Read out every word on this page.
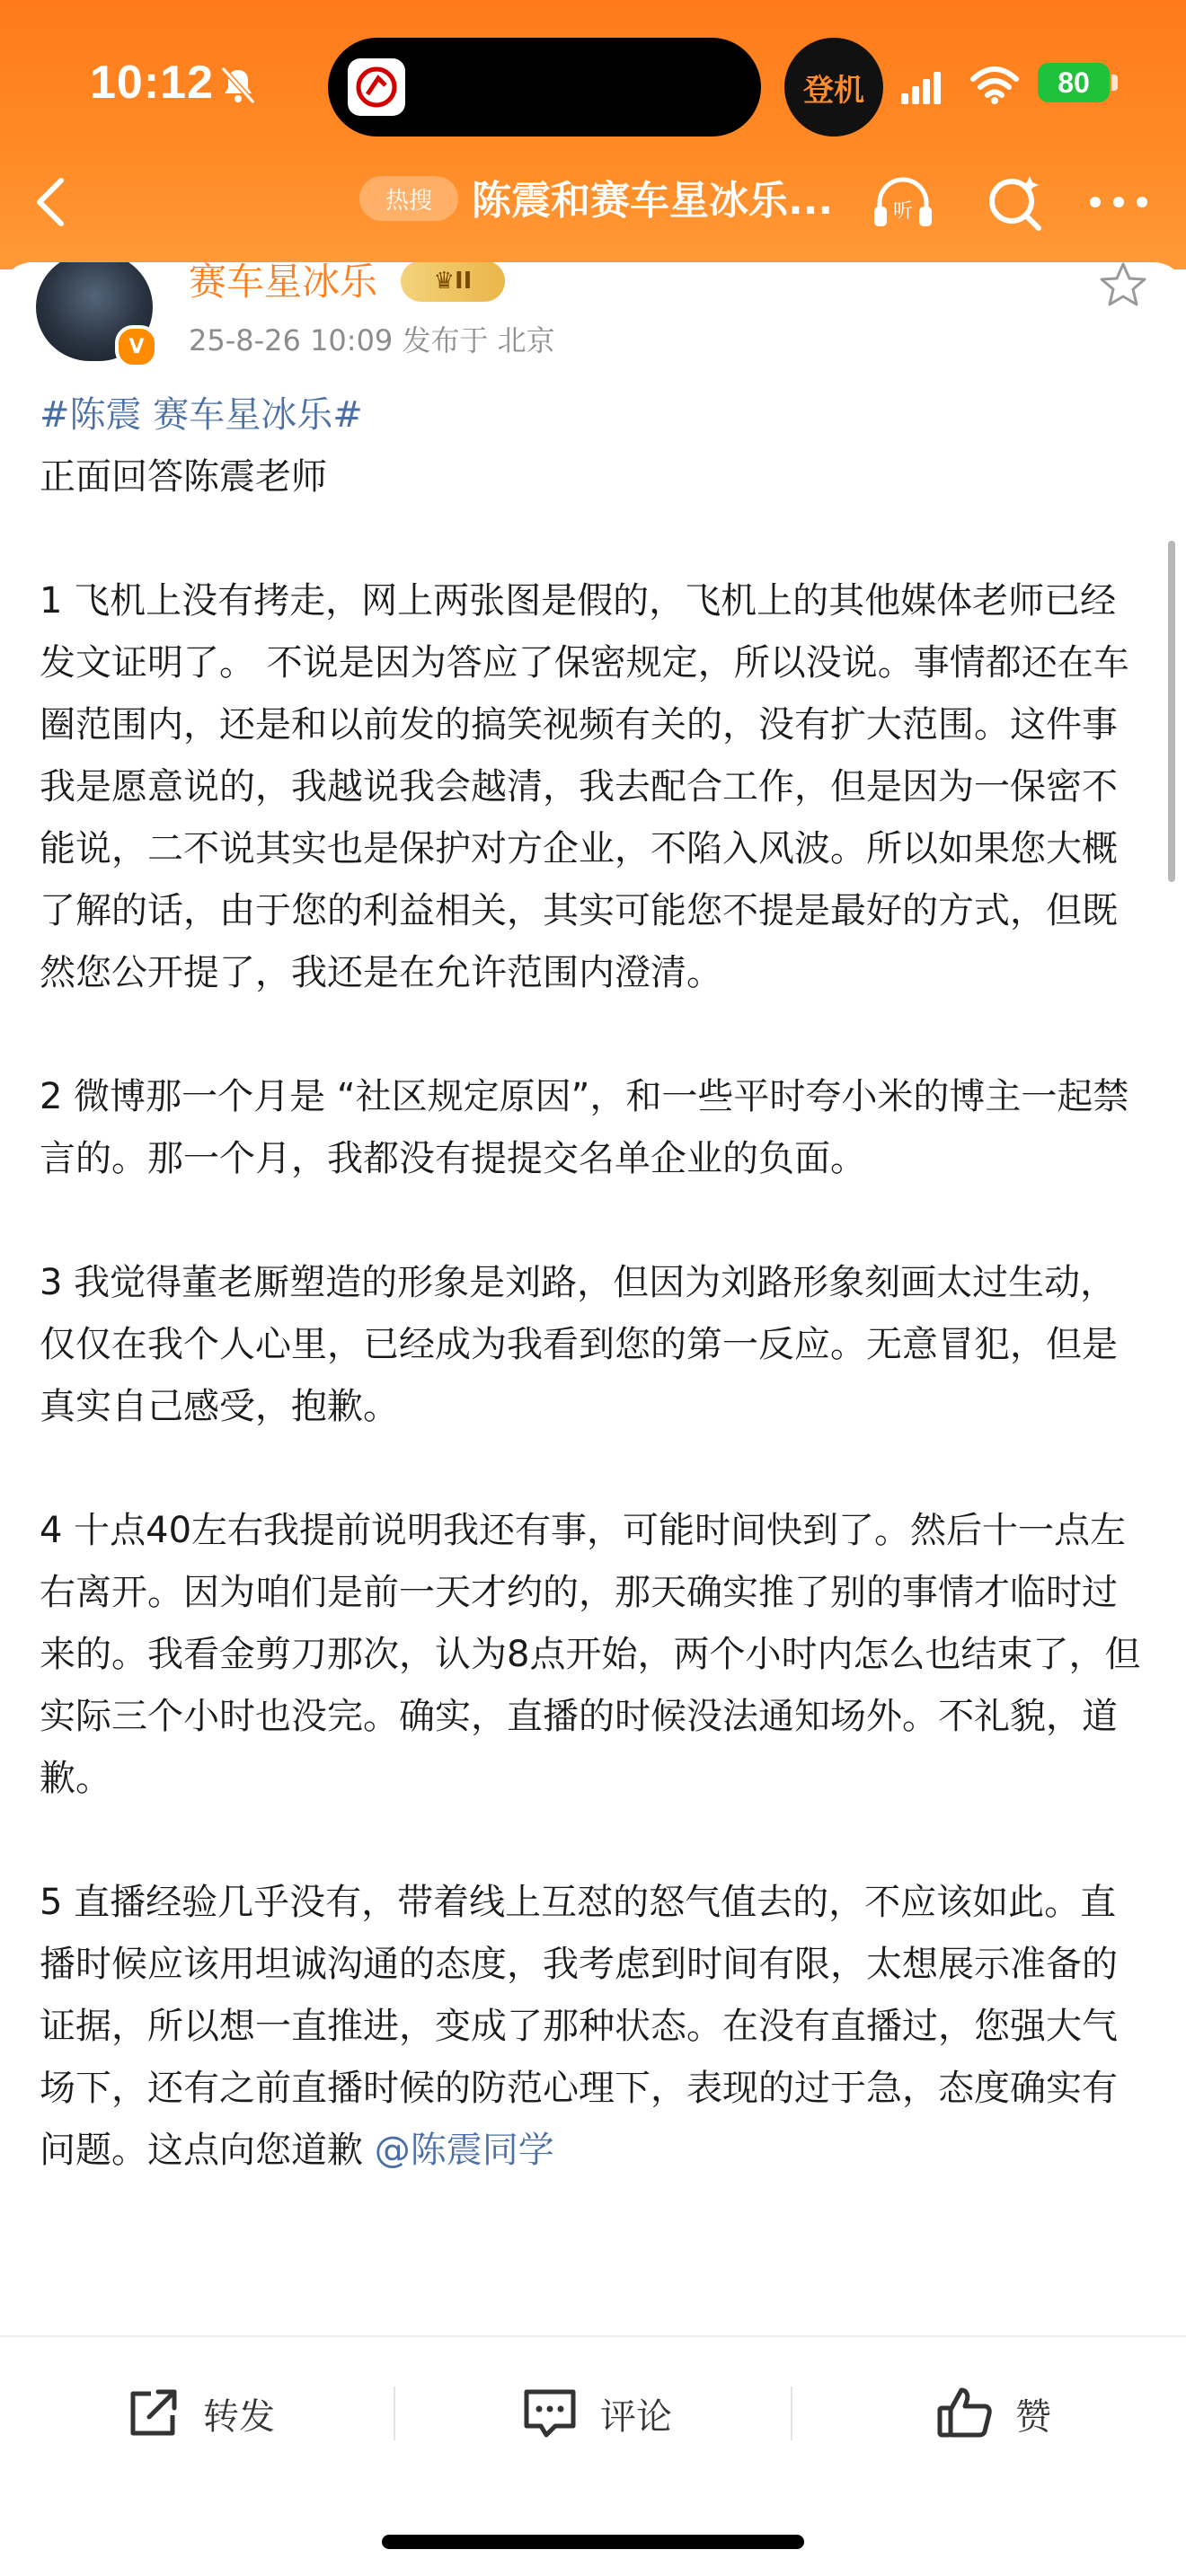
10:12	登机	80
热搜	陈震和赛车星冰乐...	听
V
赛车星冰乐	♛ II
25-8-26 10:09 发布于 北京

#陈震 赛车星冰乐#

正面回答陈震老师

1 飞机上没有拷走，网上两张图是假的，飞机上的其他媒体老师已经发文证明了。 不说是因为答应了保密规定，所以没说。事情都还在车圈范围内，还是和以前发的搞笑视频有关的，没有扩大范围。这件事我是愿意说的，我越说我会越清，我去配合工作，但是因为一保密不能说，二不说其实也是保护对方企业，不陷入风波。所以如果您大概了解的话，由于您的利益相关，其实可能您不提是最好的方式，但既然您公开提了，我还是在允许范围内澄清。

2 微博那一个月是 “社区规定原因”，和一些平时夸小米的博主一起禁言的。那一个月，我都没有提提交名单企业的负面。

3 我觉得董老厮塑造的形象是刘路，但因为刘路形象刻画太过生动，仅仅在我个人心里，已经成为我看到您的第一反应。无意冒犯，但是真实自己感受，抱歉。

4 十点40左右我提前说明我还有事，可能时间快到了。然后十一点左右离开。因为咱们是前一天才约的，那天确实推了别的事情才临时过来的。我看金剪刀那次，认为8点开始，两个小时内怎么也结束了，但实际三个小时也没完。确实，直播的时候没法通知场外。不礼貌，道歉。

5 直播经验几乎没有，带着线上互怼的怒气值去的，不应该如此。直播时候应该用坦诚沟通的态度，我考虑到时间有限，太想展示准备的证据，所以想一直推进，变成了那种状态。在没有直播过，您强大气场下，还有之前直播时候的防范心理下，表现的过于急，态度确实有问题。这点向您道歉 @陈震同学

转发	评论	赞
